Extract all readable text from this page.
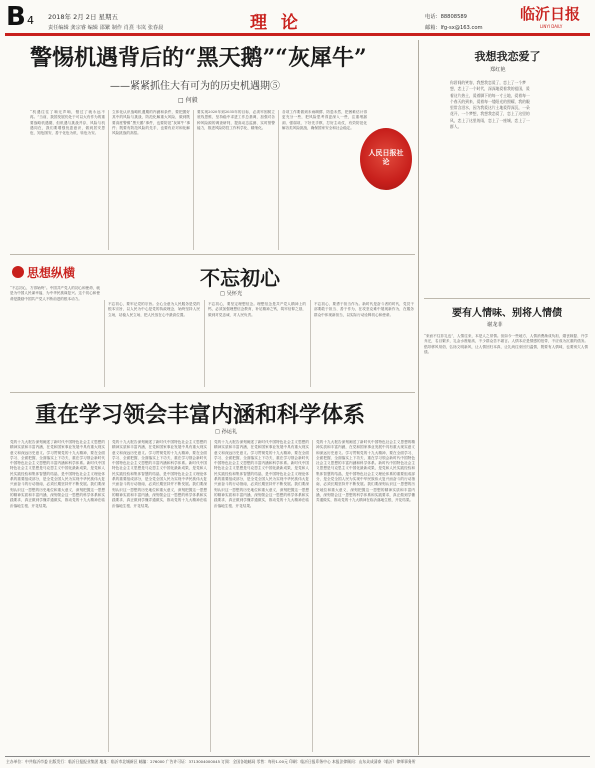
B 4 2018年 2月 2日 星期五
责任编辑 龚宗睿 编辑 邵繁 制作 肖熹 韦岚 张春晨	理 论	电话：88808589
邮箱：lfg-sx@163.com
临沂日报
LINYI DAILY
警惕机遇背后的“黑天鹅”“灰犀牛”
——紧紧抓住大有可为的历史机遇期⑤
□ 何毅
“机遇往往了响无声响，错过了就永远不再。”当前，我国发展仍处于可以大有作为的重要战略机遇期，但机遇与挑战并存，风险与机遇同在，我们要增强忧患意识，做到居安思危、知危图安，善于化危为机、转危为安。
立体化认识战略机遇期的内涵和条件，要把握好其中的风险与挑战，防范化解重大风险，做到既要高度警惕“黑天鹅”事件，也要防范“灰犀牛”事件；既要有防范风险的先手，也要有应对和化解风险挑战的高招。
要实现2020年到2035年的目标，必须牢固树立底线思维，坚持稳中求进工作总基调，加强对各种风险源的调查研判，提高动态监测、实时预警能力，推进风险防控工作科学化、精细化。
各项工作要做到未雨绸缪、防患未然，把困难估计得更充分一些，把风险思考得更深入一些，注重堵漏洞、强弱项，下好先手棋、打好主动仗，有效防范化解各类风险挑战，确保国家安全和社会稳定。
人民日报社论
思想纵横	不忘初心
□ 吴怀光
“不忘初心，方得始终”。中国共产党人的初心和使命，就是为中国人民谋幸福，为中华民族谋复兴。这个初心和使命是激励中国共产党人不断前进的根本动力。
不忘初心，要牢记党的宗旨。全心全意为人民服务是党的根本宗旨，以人民为中心是党的执政理念，始终坚持人民立场，站稳人民立场，把人民放在心中最高位置。
不忘初心，要坚定理想信念。理想信念是共产党人精神上的钙，必须加强理想信念教育，补足精神之钙，筑牢信仰之基，做到对党忠诚、对人民负责。
不忘初心，要勇于担当作为。新时代是奋斗者的时代，党员干部要敢于担当、善于作为，在攻坚克难中展现新作为，在服务群众中体现新担当，以实际行动诠释初心和使命。
重在学习领会丰富内涵和科学体系
□ 孙运礼
党的十九大报告深刻阐述了新时代中国特色社会主义思想的精神实质和丰富内涵，在党和国家事业发展中具有重大现实意义和深远历史意义。学习贯彻党的十九大精神，要在全面学习、全面把握、全面落实上下功夫，重在学习领会新时代中国特色社会主义思想的丰富内涵和科学体系。新时代中国特色社会主义思想是马克思主义中国化最新成果，是党和人民实践经验和集体智慧的结晶，是中国特色社会主义理论体系的重要组成部分，是全党全国人民为实现中华民族伟大复兴而奋斗的行动指南，必须长期坚持并不断发展。我们要深刻认识这一思想的历史地位和重大意义，深刻把握这一思想的精神实质和丰富内涵，深刻领会这一思想的科学体系和实践要求，真正做到学懂弄通做实，推动党的十九大精神在临沂落地生根、开花结果。
党的十九大报告深刻阐述了新时代中国特色社会主义思想的精神实质和丰富内涵，在党和国家事业发展中具有重大现实意义和深远历史意义。学习贯彻党的十九大精神，要在全面学习、全面把握、全面落实上下功夫，重在学习领会新时代中国特色社会主义思想的丰富内涵和科学体系。新时代中国特色社会主义思想是马克思主义中国化最新成果，是党和人民实践经验和集体智慧的结晶，是中国特色社会主义理论体系的重要组成部分，是全党全国人民为实现中华民族伟大复兴而奋斗的行动指南，必须长期坚持并不断发展。我们要深刻认识这一思想的历史地位和重大意义，深刻把握这一思想的精神实质和丰富内涵，深刻领会这一思想的科学体系和实践要求，真正做到学懂弄通做实，推动党的十九大精神在临沂落地生根、开花结果。
党的十九大报告深刻阐述了新时代中国特色社会主义思想的精神实质和丰富内涵，在党和国家事业发展中具有重大现实意义和深远历史意义。学习贯彻党的十九大精神，要在全面学习、全面把握、全面落实上下功夫，重在学习领会新时代中国特色社会主义思想的丰富内涵和科学体系。新时代中国特色社会主义思想是马克思主义中国化最新成果，是党和人民实践经验和集体智慧的结晶，是中国特色社会主义理论体系的重要组成部分，是全党全国人民为实现中华民族伟大复兴而奋斗的行动指南，必须长期坚持并不断发展。我们要深刻认识这一思想的历史地位和重大意义，深刻把握这一思想的精神实质和丰富内涵，深刻领会这一思想的科学体系和实践要求，真正做到学懂弄通做实，推动党的十九大精神在临沂落地生根、开花结果。
党的十九大报告深刻阐述了新时代中国特色社会主义思想的精神实质和丰富内涵，在党和国家事业发展中具有重大现实意义和深远历史意义。学习贯彻党的十九大精神，要在全面学习、全面把握、全面落实上下功夫，重在学习领会新时代中国特色社会主义思想的丰富内涵和科学体系。新时代中国特色社会主义思想是马克思主义中国化最新成果，是党和人民实践经验和集体智慧的结晶，是中国特色社会主义理论体系的重要组成部分，是全党全国人民为实现中华民族伟大复兴而奋斗的行动指南，必须长期坚持并不断发展。我们要深刻认识这一思想的历史地位和重大意义，深刻把握这一思想的精神实质和丰富内涵，深刻领会这一思想的科学体系和实践要求，真正做到学懂弄通做实，推动党的十九大精神在临沂落地生根、开花结果。
我想我恋爱了
郑红艳
你唇间的笑容，我想我恋爱了，恋上了一个梦想，恋上了一个时代，深深地爱着我的祖国，爱着这片热土，爱着脚下的每一寸土地，爱着每一个春天的到来，爱着每一缕阳光的照耀，我的眼里常含泪水，因为我爱这片土地爱得深沉，一朵花开，一个梦想，我想我恋爱了，恋上了这里的风，恋上了这里的雨，恋上了一座城，恋上了一群人。
要有人情味、别将人情债
谢龙菲
“来而不往非礼也”，人情往来，本是人之常情。但如今一些地方，人情消费渐成负担，婚丧嫁娶、升学乔迁，名目繁多，礼金水涨船高，不少群众苦不堪言。人情本应是情感的纽带，不应成为沉重的债务。倡导移风易俗，弘扬文明新风，让人情回归本真，让礼尚往来回归温情，既要有人情味，也要别欠人情债。
主办单位：中共临沂市委 出版发行：临沂日报报业集团 地址：临沂市北城新区 邮编：276000 广告许可证：3713004000045 订阅：全国各地邮局 零售：每份1.00元 印刷：临沂日报印务中心 本报法律顾问：山东众成清泰（临沂）律师事务所
